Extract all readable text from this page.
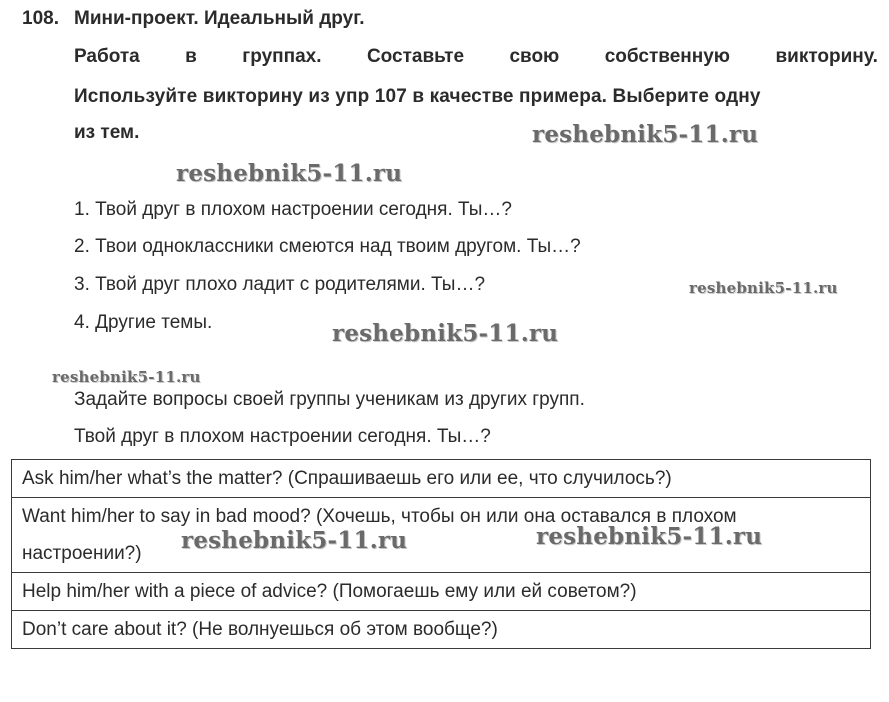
108. Мини-проект. Идеальный друг.
Работа в группах. Составьте свою собственную викторину.
Используйте викторину из упр 107 в качестве примера. Выберите одну
из тем.	reshebnik5-11.ru
reshebnik5-11.ru
1. Твой друг в плохом настроении сегодня. Ты…?
2. Твои одноклассники смеются над твоим другом. Ты…?
3. Твой друг плохо ладит с родителями. Ты…?	reshebnik5-11.ru
4. Другие темы.	reshebnik5-11.ru
reshebnik5-11.ru
Задайте вопросы своей группы ученикам из других групп.
Твой друг в плохом настроении сегодня. Ты…?
Ask him/her what’s the matter? (Спрашиваешь его или ее, что случилось?)
Want him/her to say in bad mood? (Хочешь, чтобы он или она оставался в плохом настроении?)
Help him/her with a piece of advice? (Помогаешь ему или ей советом?)
Don’t care about it? (Не волнуешься об этом вообще?)
reshebnik5-11.ru	reshebnik5-11.ru
